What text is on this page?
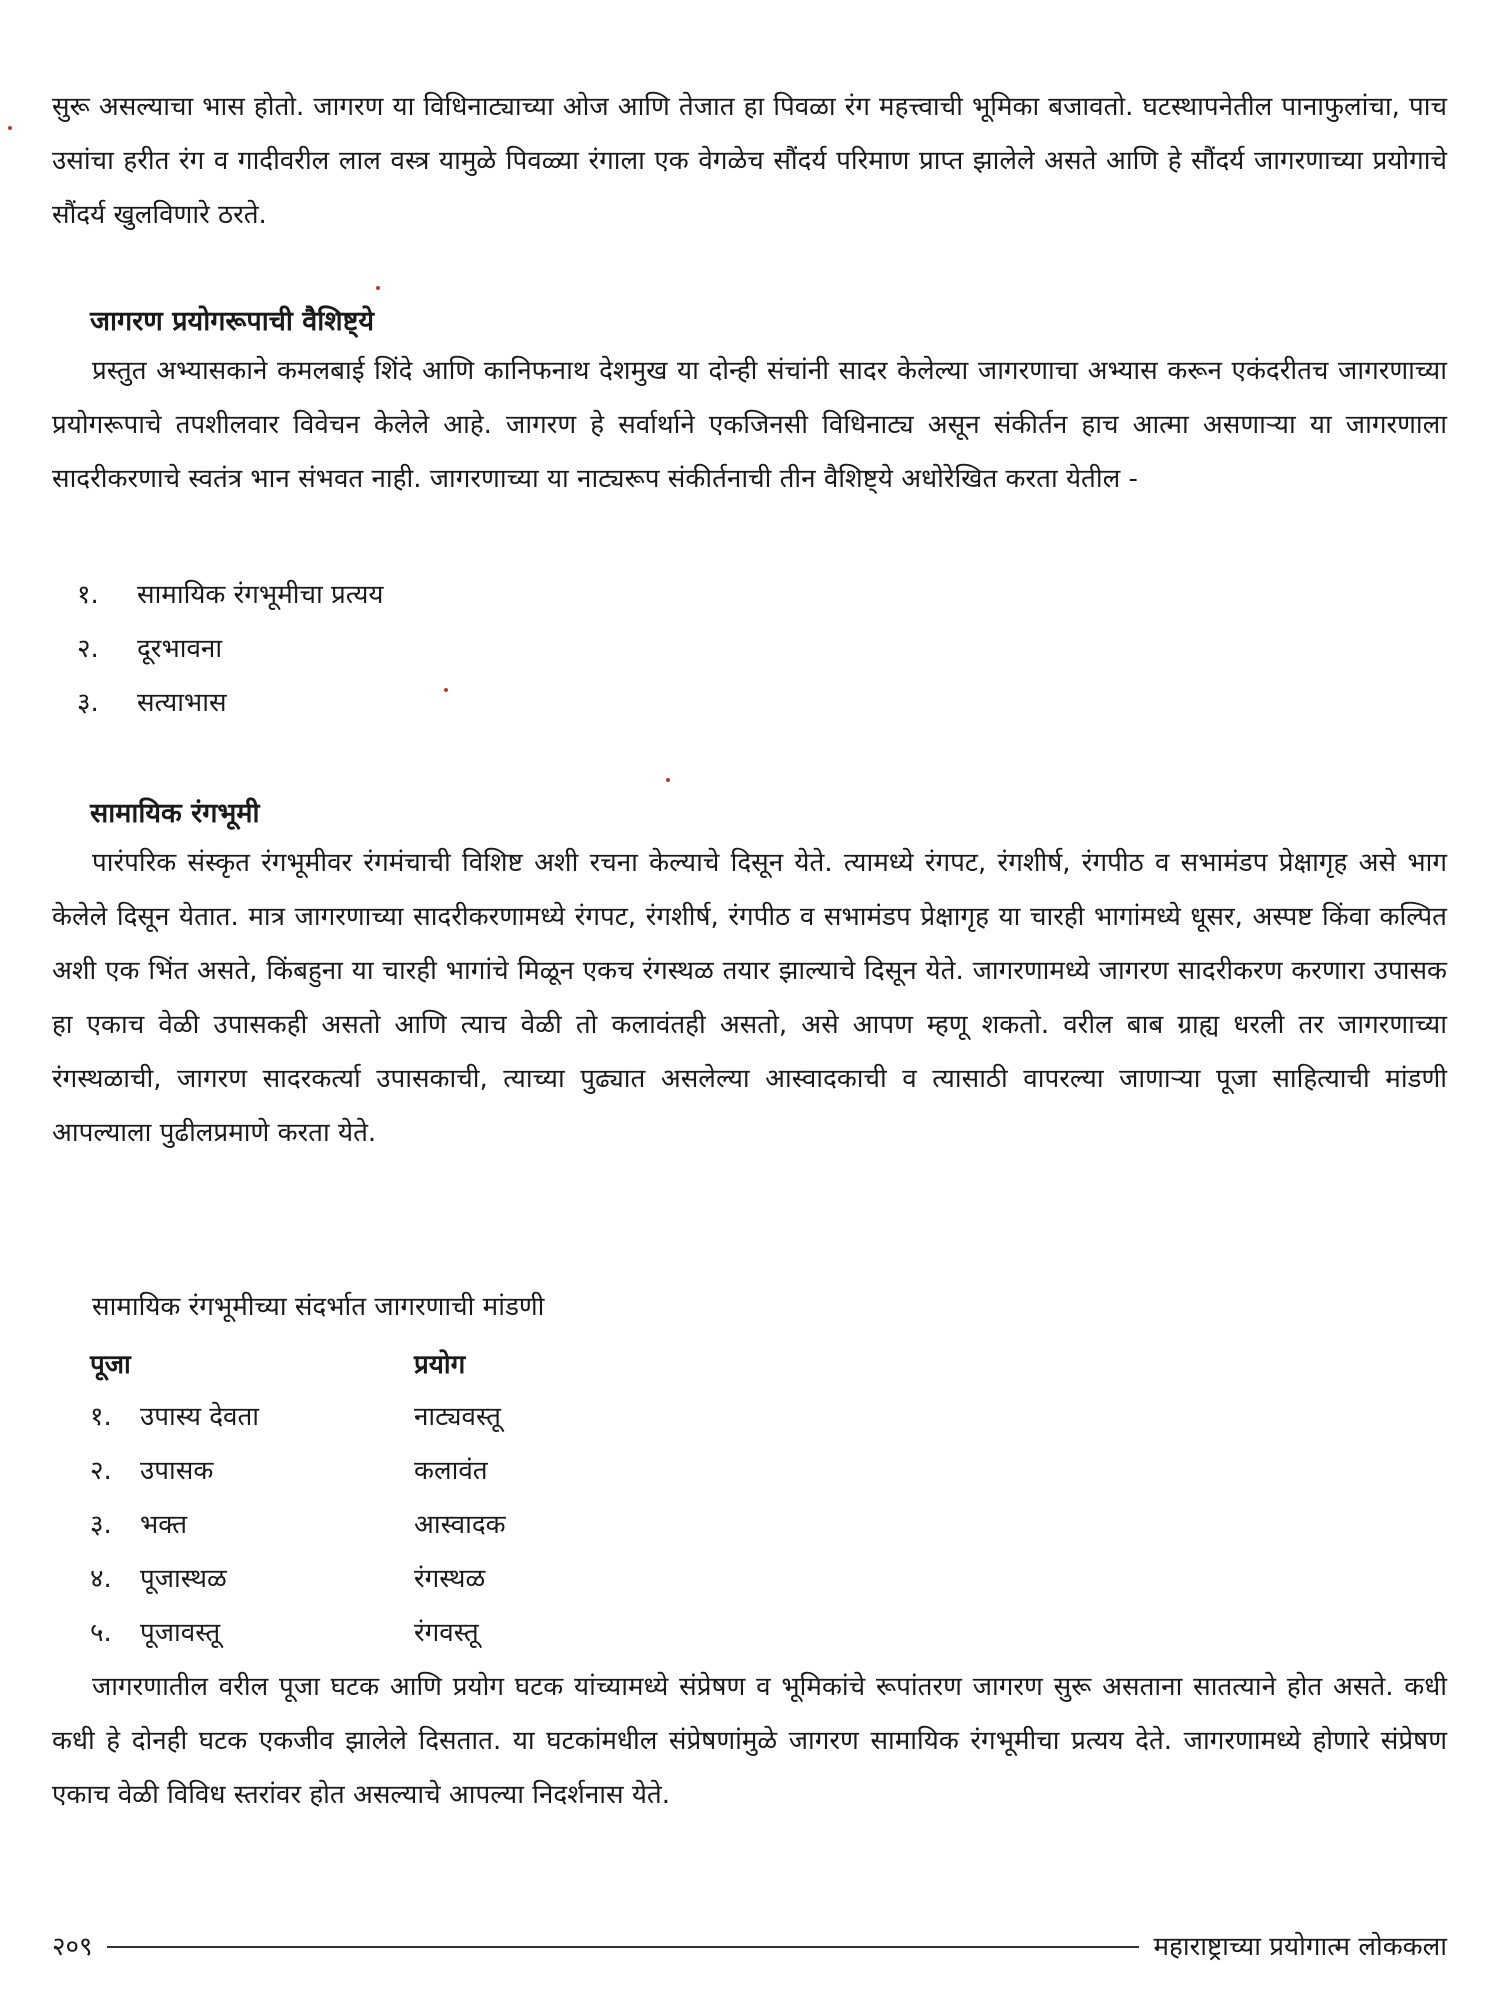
सुरू असल्याचा भास होतो. जागरण या विधिनाट्याच्या ओज आणि तेजात हा पिवळा रंग महत्त्वाची भूमिका बजावतो. घटस्थापनेतील पानाफुलांचा, पाच उसांचा हरीत रंग व गादीवरील लाल वस्त्र यामुळे पिवळ्या रंगाला एक वेगळेच सौंदर्य परिमाण प्राप्त झालेले असते आणि हे सौंदर्य जागरणाच्या प्रयोगाचे सौंदर्य खुलविणारे ठरते.

जागरण प्रयोगरूपाची वैशिष्ट्ये

प्रस्तुत अभ्यासकाने कमलबाई शिंदे आणि कानिफनाथ देशमुख या दोन्ही संचांनी सादर केलेल्या जागरणाचा अभ्यास करून एकंदरीतच जागरणाच्या प्रयोगरूपाचे तपशीलवार विवेचन केलेले आहे. जागरण हे सर्वार्थाने एकजिनसी विधिनाट्य असून संकीर्तन हाच आत्मा असणाऱ्या या जागरणाला सादरीकरणाचे स्वतंत्र भान संभवत नाही. जागरणाच्या या नाट्यरूप संकीर्तनाची तीन वैशिष्ट्ये अधोरेखित करता येतील -

१. सामायिक रंगभूमीचा प्रत्यय
२. दूरभावना
३. सत्याभास
सामायिक रंगभूमी

पारंपरिक संस्कृत रंगभूमीवर रंगमंचाची विशिष्ट अशी रचना केल्याचे दिसून येते. त्यामध्ये रंगपट, रंगशीर्ष, रंगपीठ व सभामंडप प्रेक्षागृह असे भाग केलेले दिसून येतात. मात्र जागरणाच्या सादरीकरणामध्ये रंगपट, रंगशीर्ष, रंगपीठ व सभामंडप प्रेक्षागृह या चारही भागांमध्ये धूसर, अस्पष्ट किंवा कल्पित अशी एक भिंत असते, किंबहुना या चारही भागांचे मिळून एकच रंगस्थळ तयार झाल्याचे दिसून येते. जागरणामध्ये जागरण सादरीकरण करणारा उपासक हा एकाच वेळी उपासकही असतो आणि त्याच वेळी तो कलावंतही असतो, असे आपण म्हणू शकतो. वरील बाब ग्राह्य धरली तर जागरणाच्या रंगस्थळाची, जागरण सादरकर्त्या उपासकाची, त्याच्या पुढ्यात असलेल्या आस्वादकाची व त्यासाठी वापरल्या जाणाऱ्या पूजा साहित्याची मांडणी आपल्याला पुढीलप्रमाणे करता येते.

सामायिक रंगभूमीच्या संदर्भात जागरणाची मांडणी

पूजा	प्रयोग
१. उपास्य देवता	नाट्यवस्तू
२. उपासक	कलावंत
३. भक्त	आस्वादक
४. पूजास्थळ	रंगस्थळ
५. पूजावस्तू	रंगवस्तू

जागरणातील वरील पूजा घटक आणि प्रयोग घटक यांच्यामध्ये संप्रेषण व भूमिकांचे रूपांतरण जागरण सुरू असताना सातत्याने होत असते. कधी कधी हे दोनही घटक एकजीव झालेले दिसतात. या घटकांमधील संप्रेषणांमुळे जागरण सामायिक रंगभूमीचा प्रत्यय देते. जागरणामध्ये होणारे संप्रेषण एकाच वेळी विविध स्तरांवर होत असल्याचे आपल्या निदर्शनास येते.

२०९	महाराष्ट्राच्या प्रयोगात्म लोककला
